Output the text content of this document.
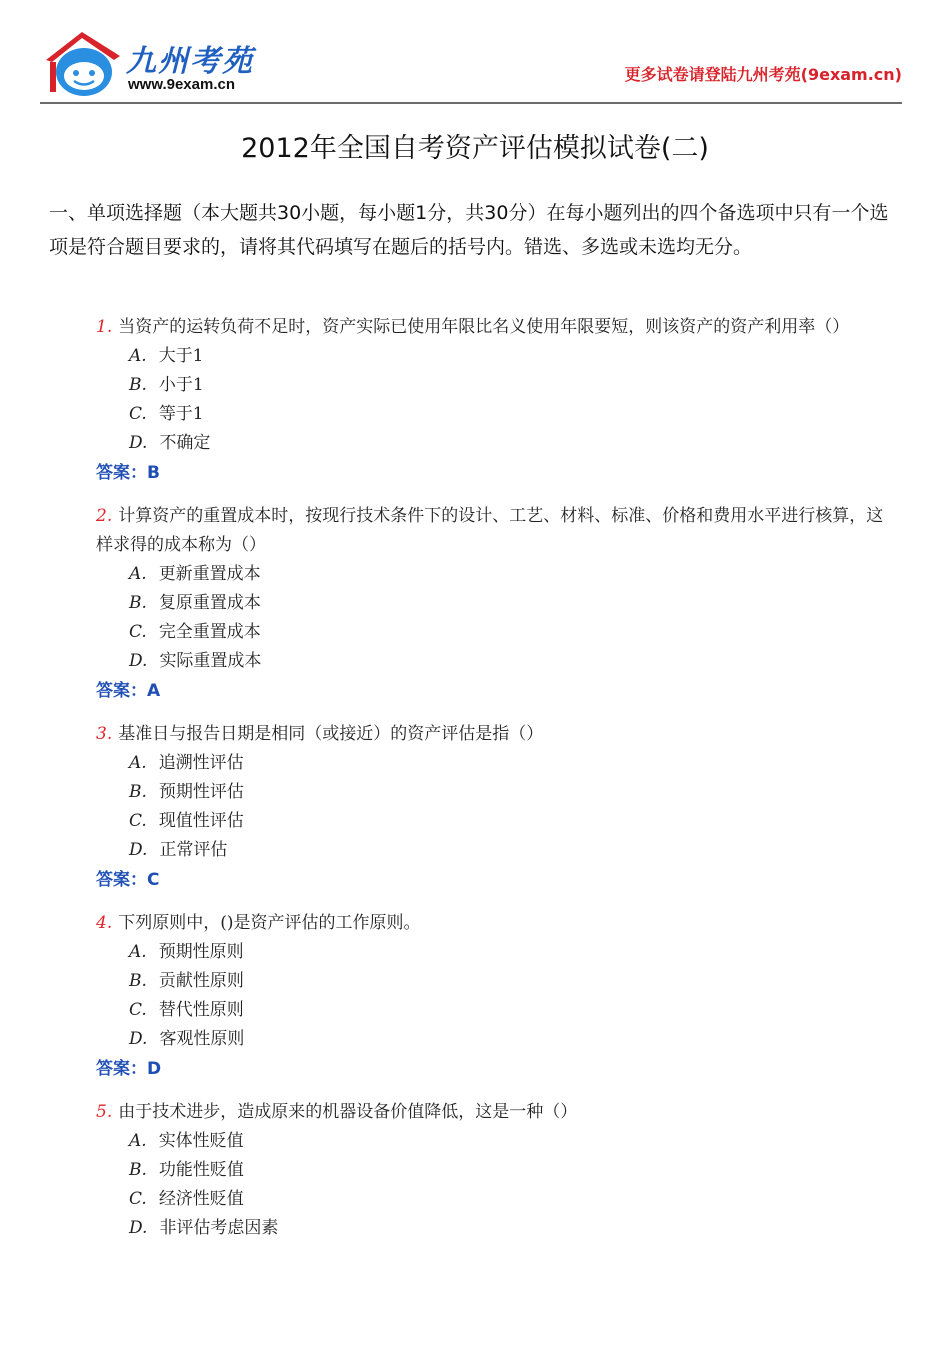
九州考苑
www.9exam.cn
更多试卷请登陆九州考苑(9exam.cn)
2012年全国自考资产评估模拟试卷(二)
一、单项选择题（本大题共30小题，每小题1分，共30分）在每小题列出的四个备选项中只有一个选项是符合题目要求的，请将其代码填写在题后的括号内。错选、多选或未选均无分。
1. 当资产的运转负荷不足时，资产实际已使用年限比名义使用年限要短，则该资产的资产利用率（）
A. 大于1
B. 小于1
C. 等于1
D. 不确定
答案：B
2. 计算资产的重置成本时，按现行技术条件下的设计、工艺、材料、标准、价格和费用水平进行核算，这样求得的成本称为（）
A. 更新重置成本
B. 复原重置成本
C. 完全重置成本
D. 实际重置成本
答案：A
3. 基准日与报告日期是相同（或接近）的资产评估是指（）
A. 追溯性评估
B. 预期性评估
C. 现值性评估
D. 正常评估
答案：C
4. 下列原则中，()是资产评估的工作原则。
A. 预期性原则
B. 贡献性原则
C. 替代性原则
D. 客观性原则
答案：D
5. 由于技术进步，造成原来的机器设备价值降低，这是一种（）
A. 实体性贬值
B. 功能性贬值
C. 经济性贬值
D. 非评估考虑因素
